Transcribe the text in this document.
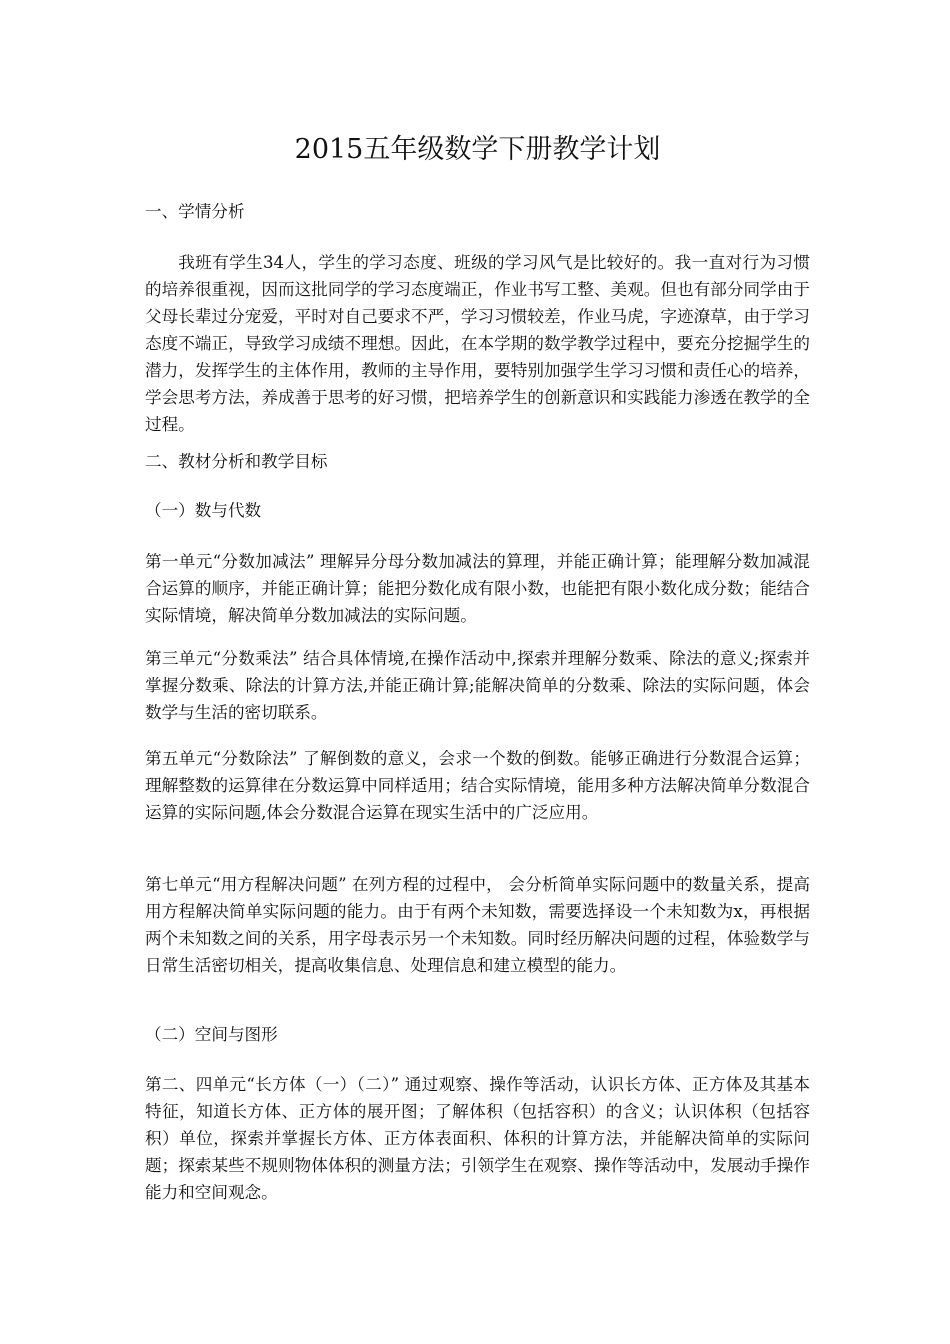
2015五年级数学下册教学计划

一、学情分析

我班有学生34人，学生的学习态度、班级的学习风气是比较好的。我一直对行为习惯的培养很重视，因而这批同学的学习态度端正，作业书写工整、美观。但也有部分同学由于父母长辈过分宠爱，平时对自己要求不严，学习习惯较差，作业马虎，字迹潦草，由于学习态度不端正，导致学习成绩不理想。因此，在本学期的数学教学过程中，要充分挖掘学生的潜力，发挥学生的主体作用，教师的主导作用，要特别加强学生学习习惯和责任心的培养，学会思考方法，养成善于思考的好习惯，把培养学生的创新意识和实践能力渗透在教学的全过程。

二、教材分析和教学目标

（一）数与代数

第一单元“分数加减法” 理解异分母分数加减法的算理，并能正确计算；能理解分数加减混合运算的顺序，并能正确计算；能把分数化成有限小数，也能把有限小数化成分数；能结合实际情境，解决简单分数加减法的实际问题。

第三单元“分数乘法” 结合具体情境,在操作活动中,探索并理解分数乘、除法的意义;探索并掌握分数乘、除法的计算方法,并能正确计算;能解决简单的分数乘、除法的实际问题，体会数学与生活的密切联系。

第五单元“分数除法” 了解倒数的意义，会求一个数的倒数。能够正确进行分数混合运算；理解整数的运算律在分数运算中同样适用；结合实际情境，能用多种方法解决简单分数混合运算的实际问题,体会分数混合运算在现实生活中的广泛应用。

第七单元“用方程解决问题” 在列方程的过程中， 会分析简单实际问题中的数量关系，提高用方程解决简单实际问题的能力。由于有两个未知数，需要选择设一个未知数为x，再根据两个未知数之间的关系，用字母表示另一个未知数。同时经历解决问题的过程，体验数学与日常生活密切相关，提高收集信息、处理信息和建立模型的能力。

（二）空间与图形

第二、四单元“长方体（一）（二）” 通过观察、操作等活动，认识长方体、正方体及其基本特征，知道长方体、正方体的展开图；了解体积（包括容积）的含义；认识体积（包括容积）单位，探索并掌握长方体、正方体表面积、体积的计算方法，并能解决简单的实际问题；探索某些不规则物体体积的测量方法；引领学生在观察、操作等活动中，发展动手操作能力和空间观念。
